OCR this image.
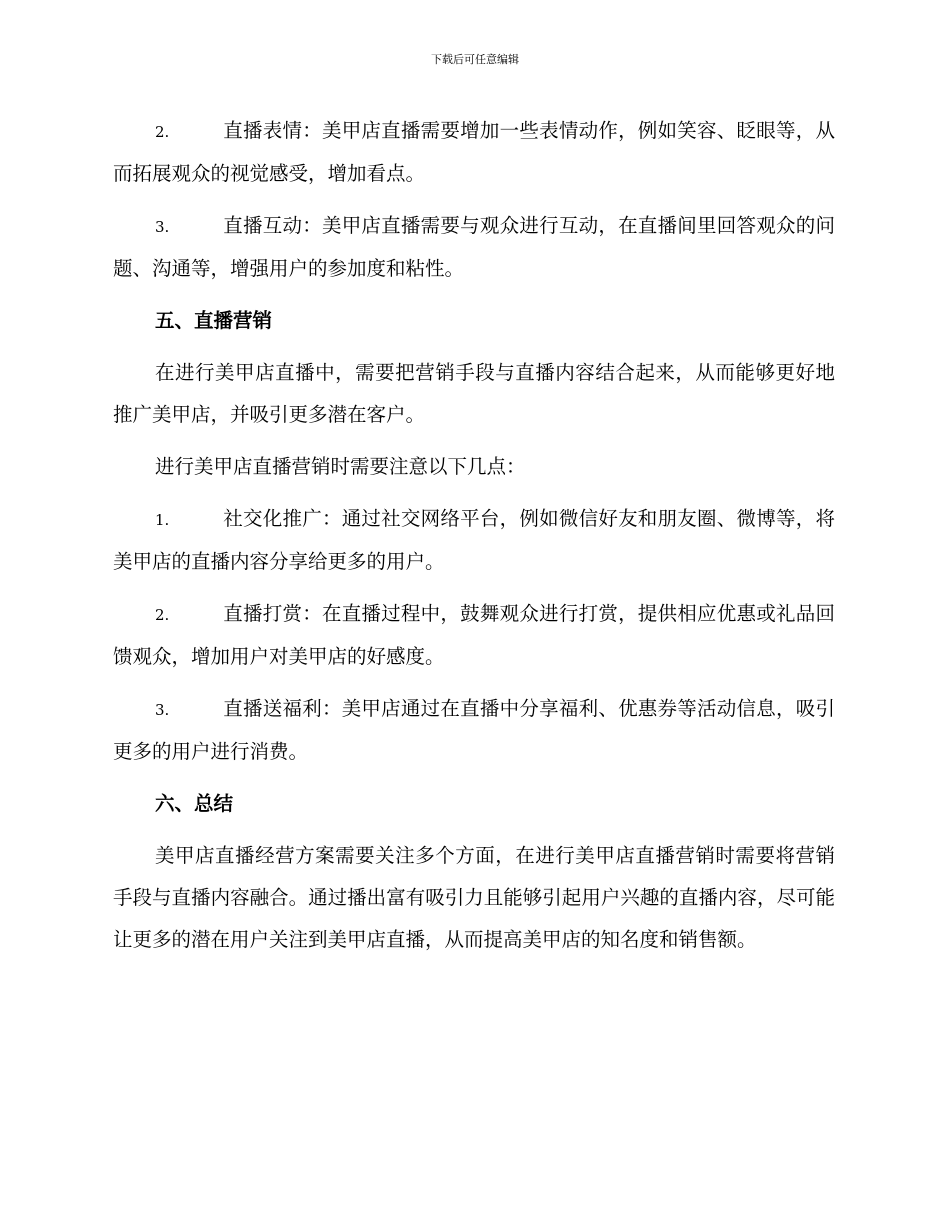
下载后可任意编辑

2.	直播表情：美甲店直播需要增加一些表情动作，例如笑容、眨眼等，从而拓展观众的视觉感受，增加看点。

3.	直播互动：美甲店直播需要与观众进行互动，在直播间里回答观众的问题、沟通等，增强用户的参加度和粘性。

五、直播营销

在进行美甲店直播中，需要把营销手段与直播内容结合起来，从而能够更好地推广美甲店，并吸引更多潜在客户。

进行美甲店直播营销时需要注意以下几点：

1.	社交化推广：通过社交网络平台，例如微信好友和朋友圈、微博等，将美甲店的直播内容分享给更多的用户。

2.	直播打赏：在直播过程中，鼓舞观众进行打赏，提供相应优惠或礼品回馈观众，增加用户对美甲店的好感度。

3.	直播送福利：美甲店通过在直播中分享福利、优惠券等活动信息，吸引更多的用户进行消费。

六、总结

美甲店直播经营方案需要关注多个方面，在进行美甲店直播营销时需要将营销手段与直播内容融合。通过播出富有吸引力且能够引起用户兴趣的直播内容，尽可能让更多的潜在用户关注到美甲店直播，从而提高美甲店的知名度和销售额。
